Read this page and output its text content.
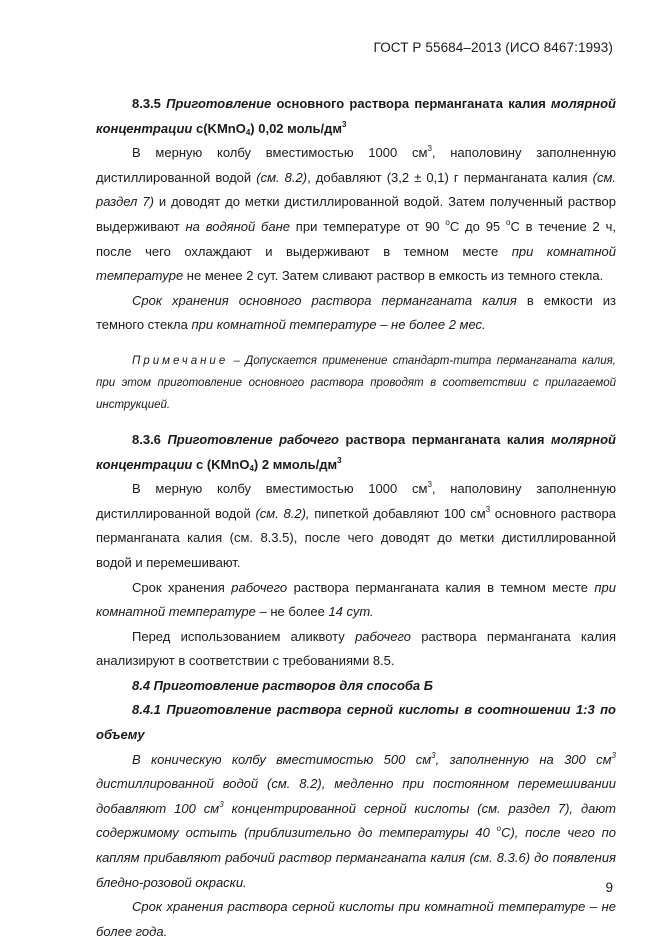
ГОСТ Р 55684–2013 (ИСО 8467:1993)

8.3.5 Приготовление основного раствора перманганата калия молярной концентрации с(KMnO$_4$) 0,02 моль/$дм^3$

В мерную колбу вместимостью 1000 $см^3$, наполовину заполненную дистиллированной водой (см. 8.2), добавляют (3,2 ± 0,1) г перманганата калия (см. раздел 7) и доводят до метки дистиллированной водой. Затем полученный раствор выдерживают на водяной бане при температуре от 90 $^o$С до 95 $^o$С в течение 2 ч, после чего охлаждают и выдерживают в темном месте при комнатной температуре не менее 2 сут. Затем сливают раствор в емкость из темного стекла.

Срок хранения основного раствора перманганата калия в емкости из темного стекла при комнатной температуре – не более 2 мес.

Примечание – Допускается применение стандарт-титра перманганата калия, при этом приготовление основного раствора проводят в соответствии с прилагаемой инструкцией.

8.3.6 Приготовление рабочего раствора перманганата калия молярной концентрации с (KMnO$_4$) 2 ммоль/$дм^3$

В мерную колбу вместимостью 1000 $см^3$, наполовину заполненную дистиллированной водой (см. 8.2), пипеткой добавляют 100 $см^3$ основного раствора перманганата калия (см. 8.3.5), после чего доводят до метки дистиллированной водой и перемешивают.

Срок хранения рабочего раствора перманганата калия в темном месте при комнатной температуре – не более 14 сут.

Перед использованием аликвоту рабочего раствора перманганата калия анализируют в соответствии с требованиями 8.5.

8.4 Приготовление растворов для способа Б

8.4.1 Приготовление раствора серной кислоты в соотношении 1:3 по объему

В коническую колбу вместимостью 500 $см^3$, заполненную на 300 $см^3$ дистиллированной водой (см. 8.2), медленно при постоянном перемешивании добавляют 100 $см^3$ концентрированной серной кислоты (см. раздел 7), дают содержимому остыть (приблизительно до температуры 40 $^o$С), после чего по каплям прибавляют рабочий раствор перманганата калия (см. 8.3.6) до появления бледно-розовой окраски.

Срок хранения раствора серной кислоты при комнатной температуре – не более года.

9
